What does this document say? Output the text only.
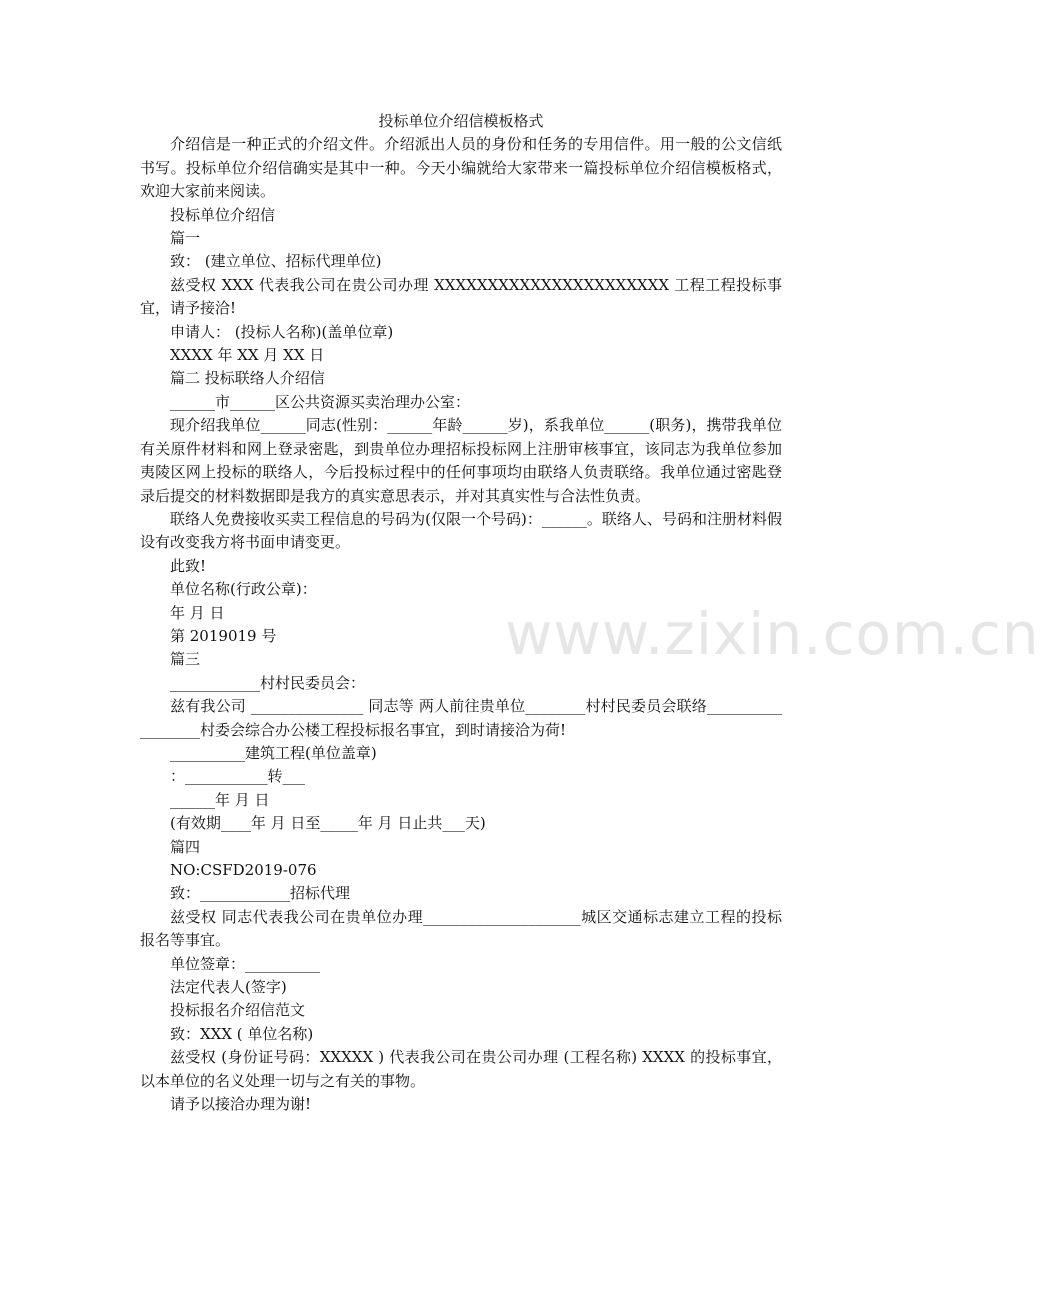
投标单位介绍信模板格式

介绍信是一种正式的介绍文件。介绍派出人员的身份和任务的专用信件。用一般的公文信纸书写。投标单位介绍信确实是其中一种。今天小编就给大家带来一篇投标单位介绍信模板格式，欢迎大家前来阅读。

投标单位介绍信

篇一

致： (建立单位、招标代理单位)

兹受权 XXX 代表我公司在贵公司办理 XXXXXXXXXXXXXXXXXXXXXX 工程工程投标事宜，请予接洽!

申请人： (投标人名称)(盖单位章)

XXXX 年 XX 月 XX 日

篇二 投标联络人介绍信

______市______区公共资源买卖治理办公室：

现介绍我单位______同志(性别：______年龄______岁)，系我单位______(职务)，携带我单位有关原件材料和网上登录密匙，到贵单位办理招标投标网上注册审核事宜，该同志为我单位参加夷陵区网上投标的联络人，今后投标过程中的任何事项均由联络人负责联络。我单位通过密匙登录后提交的材料数据即是我方的真实意思表示，并对其真实性与合法性负责。

联络人免费接收买卖工程信息的号码为(仅限一个号码)：______。联络人、号码和注册材料假设有改变我方将书面申请变更。

此致!

单位名称(行政公章)：

年 月 日

第 2019019 号

篇三

____________村村民委员会：

兹有我公司 _______________ 同志等 两人前往贵单位________村村民委员会联络__________________村委会综合办公楼工程投标报名事宜，到时请接洽为荷!

__________建筑工程(单位盖章)

：___________转___

______年 月 日

(有效期____年 月 日至_____年 月 日止共___天)

篇四

NO:CSFD2019-076

致：____________招标代理

兹受权 同志代表我公司在贵单位办理_____________________城区交通标志建立工程的投标报名等事宜。

单位签章：__________

法定代表人(签字)

投标报名介绍信范文

致：XXX ( 单位名称)

兹受权 (身份证号码：XXXXX ) 代表我公司在贵公司办理 (工程名称) XXXX 的投标事宜，以本单位的名义处理一切与之有关的事物。

请予以接洽办理为谢!

www.zixin.com.cn
